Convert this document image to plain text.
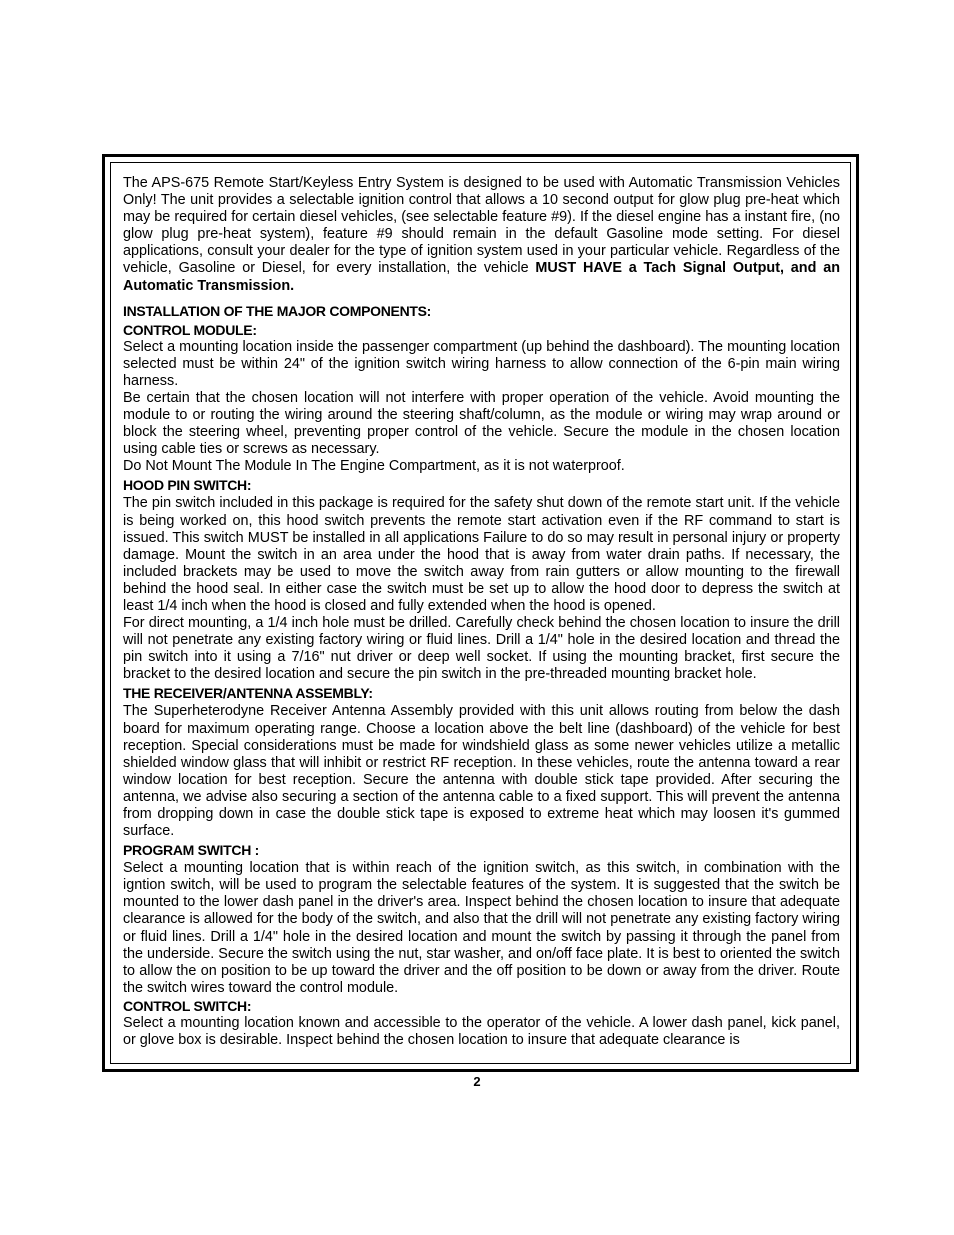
The APS-675 Remote Start/Keyless Entry System is designed to be used with Automatic Transmission Vehicles Only! The unit provides a selectable ignition control that allows a 10 second output for glow plug pre-heat which may be required for certain diesel vehicles, (see selectable feature #9). If the diesel engine has a instant fire, (no glow plug pre-heat system), feature #9 should remain in the default Gasoline mode setting. For diesel applications, consult your dealer for the type of ignition system used in your particular vehicle. Regardless of the vehicle, Gasoline or Diesel, for every installation, the vehicle MUST HAVE a Tach Signal Output, and an Automatic Transmission.

INSTALLATION OF THE MAJOR COMPONENTS:
CONTROL MODULE:

Select a mounting location inside the passenger compartment (up behind the dashboard). The mounting location selected must be within 24" of the ignition switch wiring harness to allow connection of the 6-pin main wiring harness.

Be certain that the chosen location will not interfere with proper operation of the vehicle. Avoid mounting the module to or routing the wiring around the steering shaft/column, as the module or wiring may wrap around or block the steering wheel, preventing proper control of the vehicle. Secure the module in the chosen location using cable ties or screws as necessary.

Do Not Mount The Module In The Engine Compartment, as it is not waterproof.

HOOD PIN SWITCH:

The pin switch included in this package is required for the safety shut down of the remote start unit. If the vehicle is being worked on, this hood switch prevents the remote start activation even if the RF command to start is issued. This switch MUST be installed in all applications Failure to do so may result in personal injury or property damage. Mount the switch in an area under the hood that is away from water drain paths. If necessary, the included brackets may be used to move the switch away from rain gutters or allow mounting to the firewall behind the hood seal. In either case the switch must be set up to allow the hood door to depress the switch at least 1/4 inch when the hood is closed and fully extended when the hood is opened.

For direct mounting, a 1/4 inch hole must be drilled. Carefully check behind the chosen location to insure the drill will not penetrate any existing factory wiring or fluid lines. Drill a 1/4" hole in the desired location and thread the pin switch into it using a 7/16" nut driver or deep well socket. If using the mounting bracket, first secure the bracket to the desired location and secure the pin switch in the pre-threaded mounting bracket hole.

THE RECEIVER/ANTENNA ASSEMBLY:

The Superheterodyne Receiver Antenna Assembly provided with this unit allows routing from below the dash board for maximum operating range. Choose a location above the belt line (dashboard) of the vehicle for best reception. Special considerations must be made for windshield glass as some newer vehicles utilize a metallic shielded window glass that will inhibit or restrict RF reception. In these vehicles, route the antenna toward a rear window location for best reception. Secure the antenna with double stick tape provided. After securing the antenna, we advise also securing a section of the antenna cable to a fixed support. This will prevent the antenna from dropping down in case the double stick tape is exposed to extreme heat which may loosen it's gummed surface.

PROGRAM SWITCH :

Select a mounting location that is within reach of the ignition switch, as this switch, in combination with the igntion switch, will be used to program the selectable features of the system. It is suggested that the switch be mounted to the lower dash panel in the driver's area. Inspect behind the chosen location to insure that adequate clearance is allowed for the body of the switch, and also that the drill will not penetrate any existing factory wiring or fluid lines. Drill a 1/4" hole in the desired location and mount the switch by passing it through the panel from the underside. Secure the switch using the nut, star washer, and on/off face plate. It is best to oriented the switch to allow the on position to be up toward the driver and the off position to be down or away from the driver. Route the switch wires toward the control module.

CONTROL SWITCH:

Select a mounting location known and accessible to the operator of the vehicle. A lower dash panel, kick panel, or glove box is desirable. Inspect behind the chosen location to insure that adequate clearance is

2
